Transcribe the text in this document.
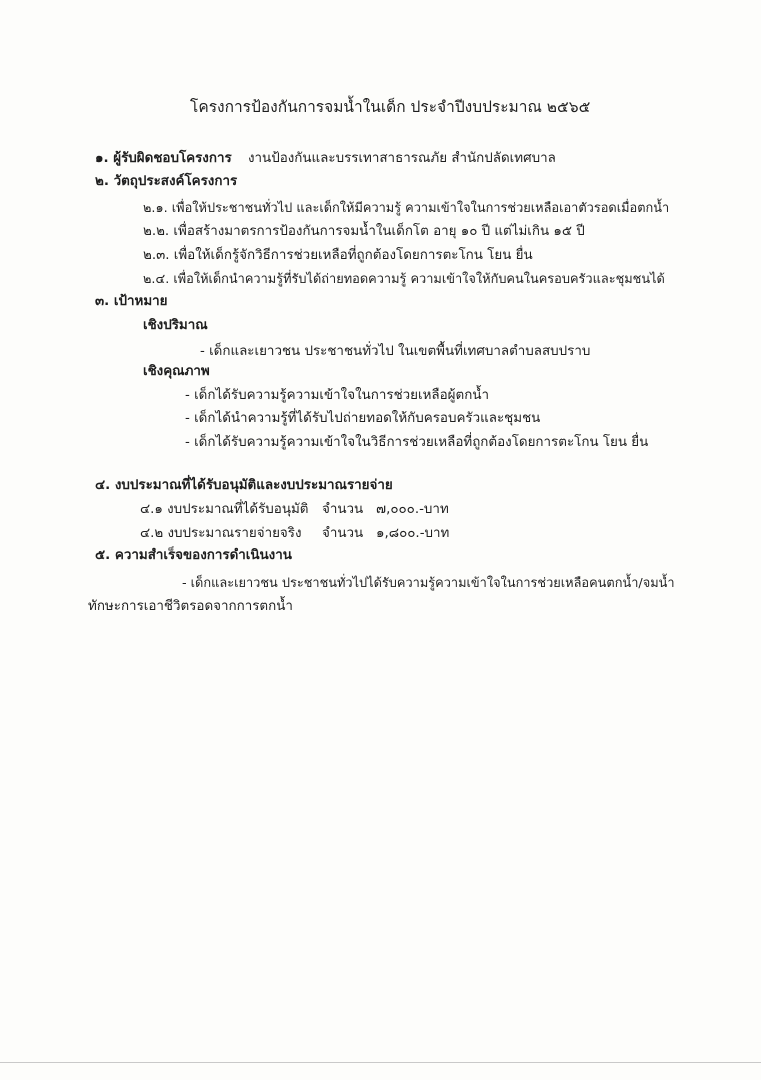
โครงการป้องกันการจมน้ำในเด็ก ประจำปีงบประมาณ ๒๕๖๕
๑. ผู้รับผิดชอบโครงการ งานป้องกันและบรรเทาสาธารณภัย สำนักปลัดเทศบาล
๒. วัตถุประสงค์โครงการ
๒.๑. เพื่อให้ประชาชนทั่วไป และเด็กให้มีความรู้ ความเข้าใจในการช่วยเหลือเอาตัวรอดเมื่อตกน้ำ
๒.๒. เพื่อสร้างมาตรการป้องกันการจมน้ำในเด็กโต อายุ ๑๐ ปี แต่ไม่เกิน ๑๕ ปี
๒.๓. เพื่อให้เด็กรู้จักวิธีการช่วยเหลือที่ถูกต้องโดยการตะโกน โยน ยื่น
๒.๔. เพื่อให้เด็กนำความรู้ที่รับได้ถ่ายทอดความรู้ ความเข้าใจให้กับคนในครอบครัวและชุมชนได้
๓. เป้าหมาย
เชิงปริมาณ
- เด็กและเยาวชน ประชาชนทั่วไป ในเขตพื้นที่เทศบาลตำบลสบปราบ
เชิงคุณภาพ
- เด็กได้รับความรู้ความเข้าใจในการช่วยเหลือผู้ตกน้ำ
- เด็กได้นำความรู้ที่ได้รับไปถ่ายทอดให้กับครอบครัวและชุมชน
- เด็กได้รับความรู้ความเข้าใจในวิธีการช่วยเหลือที่ถูกต้องโดยการตะโกน โยน ยื่น
๔. งบประมาณที่ได้รับอนุมัติและงบประมาณรายจ่าย
๔.๑ งบประมาณที่ได้รับอนุมัติ จำนวน ๗,๐๐๐.-บาท
๔.๒ งบประมาณรายจ่ายจริง จำนวน ๑,๘๐๐.-บาท
๕. ความสำเร็จของการดำเนินงาน
- เด็กและเยาวชน ประชาชนทั่วไปได้รับความรู้ความเข้าใจในการช่วยเหลือคนตกน้ำ/จมน้ำ
ทักษะการเอาชีวิตรอดจากการตกน้ำ
